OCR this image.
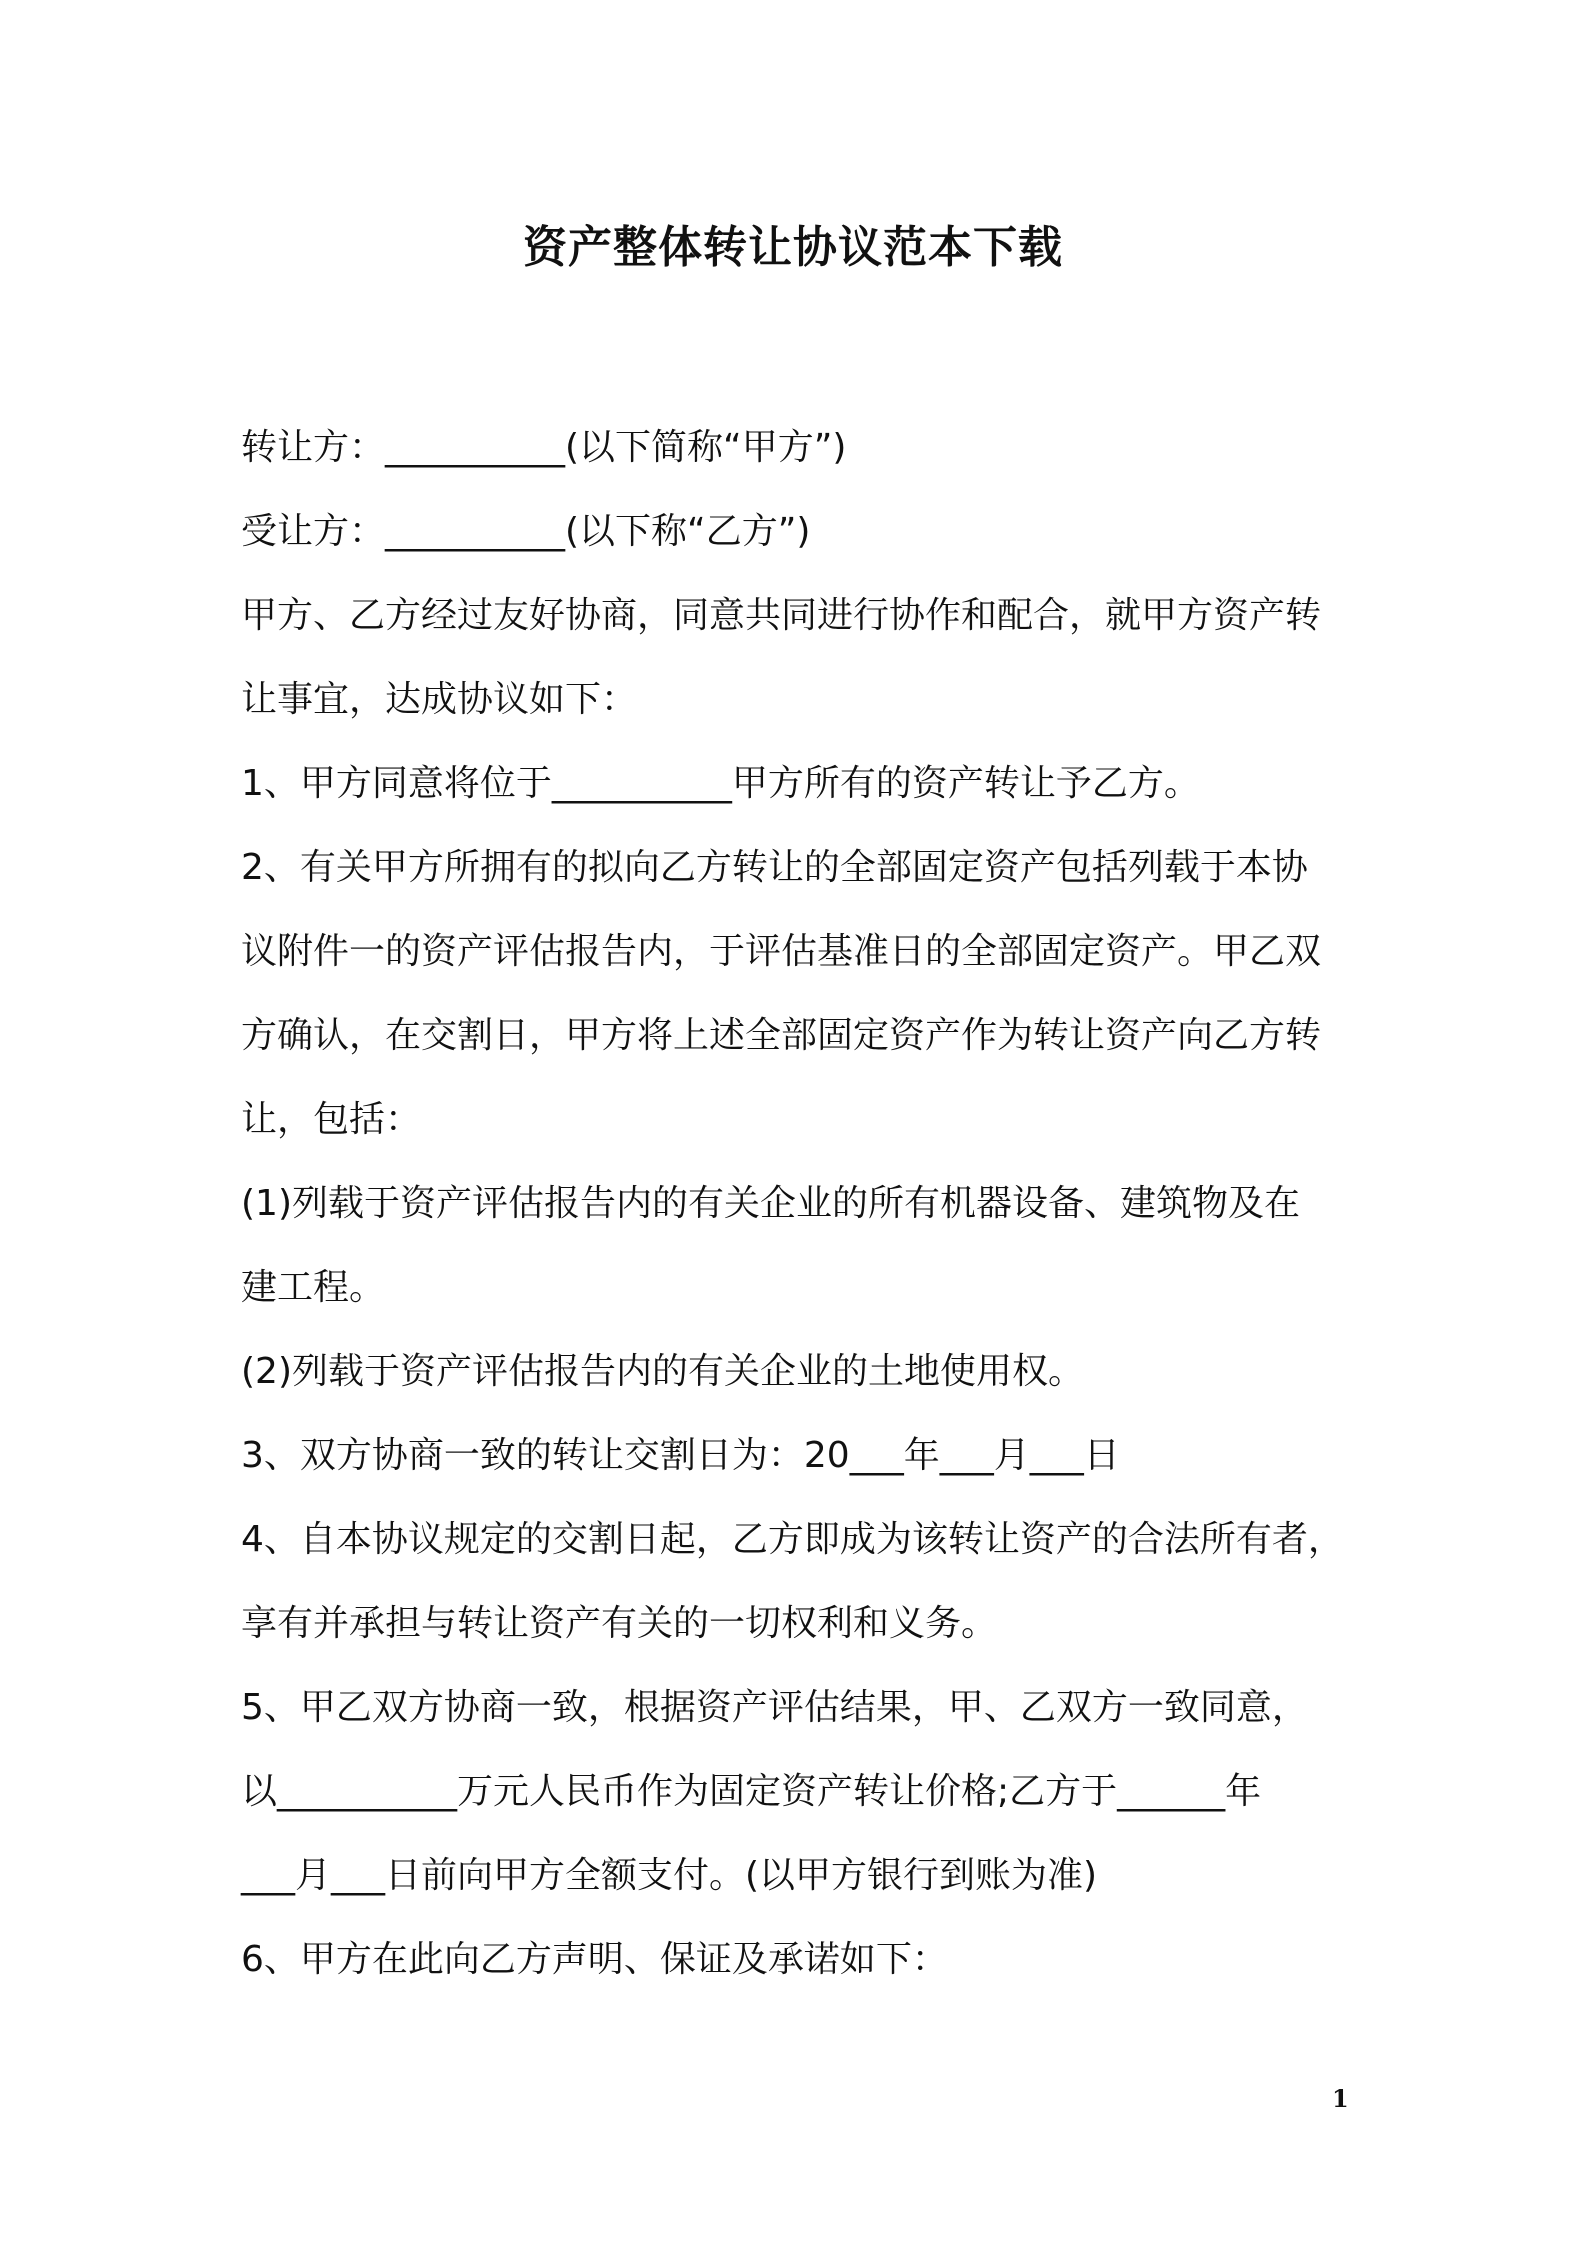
资产整体转让协议范本下载

转让方：__________(以下简称“甲方”)

受让方：__________(以下称“乙方”)

甲方、乙方经过友好协商，同意共同进行协作和配合，就甲方资产转

让事宜，达成协议如下：

1、甲方同意将位于__________甲方所有的资产转让予乙方。

2、有关甲方所拥有的拟向乙方转让的全部固定资产包括列载于本协

议附件一的资产评估报告内，于评估基准日的全部固定资产。甲乙双

方确认，在交割日，甲方将上述全部固定资产作为转让资产向乙方转

让，包括：

(1)列载于资产评估报告内的有关企业的所有机器设备、建筑物及在

建工程。

(2)列载于资产评估报告内的有关企业的土地使用权。

3、双方协商一致的转让交割日为：20___年___月___日

4、自本协议规定的交割日起，乙方即成为该转让资产的合法所有者，

享有并承担与转让资产有关的一切权利和义务。

5、甲乙双方协商一致，根据资产评估结果，甲、乙双方一致同意，

以__________万元人民币作为固定资产转让价格;乙方于______年

___月___日前向甲方全额支付。(以甲方银行到账为准)

6、甲方在此向乙方声明、保证及承诺如下：

1
